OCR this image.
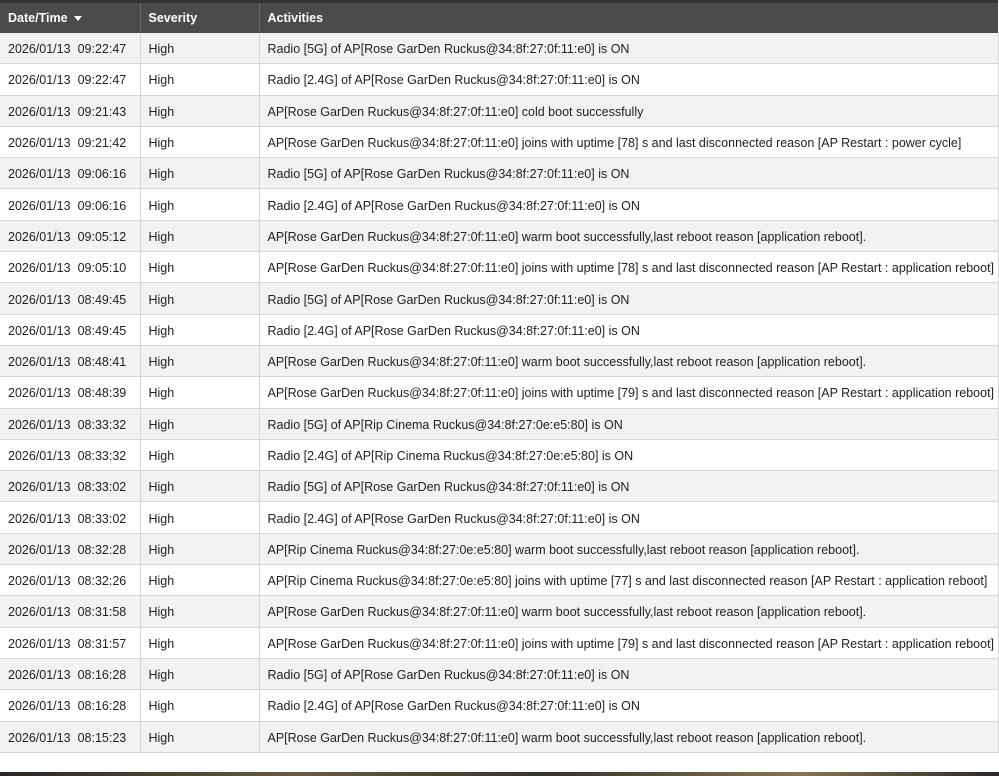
Date/Time	Severity	Activities
2026/01/13 09:22:47	High	Radio [5G] of AP[Rose GarDen Ruckus@34:8f:27:0f:11:e0] is ON
2026/01/13 09:22:47	High	Radio [2.4G] of AP[Rose GarDen Ruckus@34:8f:27:0f:11:e0] is ON
2026/01/13 09:21:43	High	AP[Rose GarDen Ruckus@34:8f:27:0f:11:e0] cold boot successfully
2026/01/13 09:21:42	High	AP[Rose GarDen Ruckus@34:8f:27:0f:11:e0] joins with uptime [78] s and last disconnected reason [AP Restart : power cycle]
2026/01/13 09:06:16	High	Radio [5G] of AP[Rose GarDen Ruckus@34:8f:27:0f:11:e0] is ON
2026/01/13 09:06:16	High	Radio [2.4G] of AP[Rose GarDen Ruckus@34:8f:27:0f:11:e0] is ON
2026/01/13 09:05:12	High	AP[Rose GarDen Ruckus@34:8f:27:0f:11:e0] warm boot successfully,last reboot reason [application reboot].
2026/01/13 09:05:10	High	AP[Rose GarDen Ruckus@34:8f:27:0f:11:e0] joins with uptime [78] s and last disconnected reason [AP Restart : application reboot]
2026/01/13 08:49:45	High	Radio [5G] of AP[Rose GarDen Ruckus@34:8f:27:0f:11:e0] is ON
2026/01/13 08:49:45	High	Radio [2.4G] of AP[Rose GarDen Ruckus@34:8f:27:0f:11:e0] is ON
2026/01/13 08:48:41	High	AP[Rose GarDen Ruckus@34:8f:27:0f:11:e0] warm boot successfully,last reboot reason [application reboot].
2026/01/13 08:48:39	High	AP[Rose GarDen Ruckus@34:8f:27:0f:11:e0] joins with uptime [79] s and last disconnected reason [AP Restart : application reboot]
2026/01/13 08:33:32	High	Radio [5G] of AP[Rip Cinema Ruckus@34:8f:27:0e:e5:80] is ON
2026/01/13 08:33:32	High	Radio [2.4G] of AP[Rip Cinema Ruckus@34:8f:27:0e:e5:80] is ON
2026/01/13 08:33:02	High	Radio [5G] of AP[Rose GarDen Ruckus@34:8f:27:0f:11:e0] is ON
2026/01/13 08:33:02	High	Radio [2.4G] of AP[Rose GarDen Ruckus@34:8f:27:0f:11:e0] is ON
2026/01/13 08:32:28	High	AP[Rip Cinema Ruckus@34:8f:27:0e:e5:80] warm boot successfully,last reboot reason [application reboot].
2026/01/13 08:32:26	High	AP[Rip Cinema Ruckus@34:8f:27:0e:e5:80] joins with uptime [77] s and last disconnected reason [AP Restart : application reboot]
2026/01/13 08:31:58	High	AP[Rose GarDen Ruckus@34:8f:27:0f:11:e0] warm boot successfully,last reboot reason [application reboot].
2026/01/13 08:31:57	High	AP[Rose GarDen Ruckus@34:8f:27:0f:11:e0] joins with uptime [79] s and last disconnected reason [AP Restart : application reboot]
2026/01/13 08:16:28	High	Radio [5G] of AP[Rose GarDen Ruckus@34:8f:27:0f:11:e0] is ON
2026/01/13 08:16:28	High	Radio [2.4G] of AP[Rose GarDen Ruckus@34:8f:27:0f:11:e0] is ON
2026/01/13 08:15:23	High	AP[Rose GarDen Ruckus@34:8f:27:0f:11:e0] warm boot successfully,last reboot reason [application reboot].
